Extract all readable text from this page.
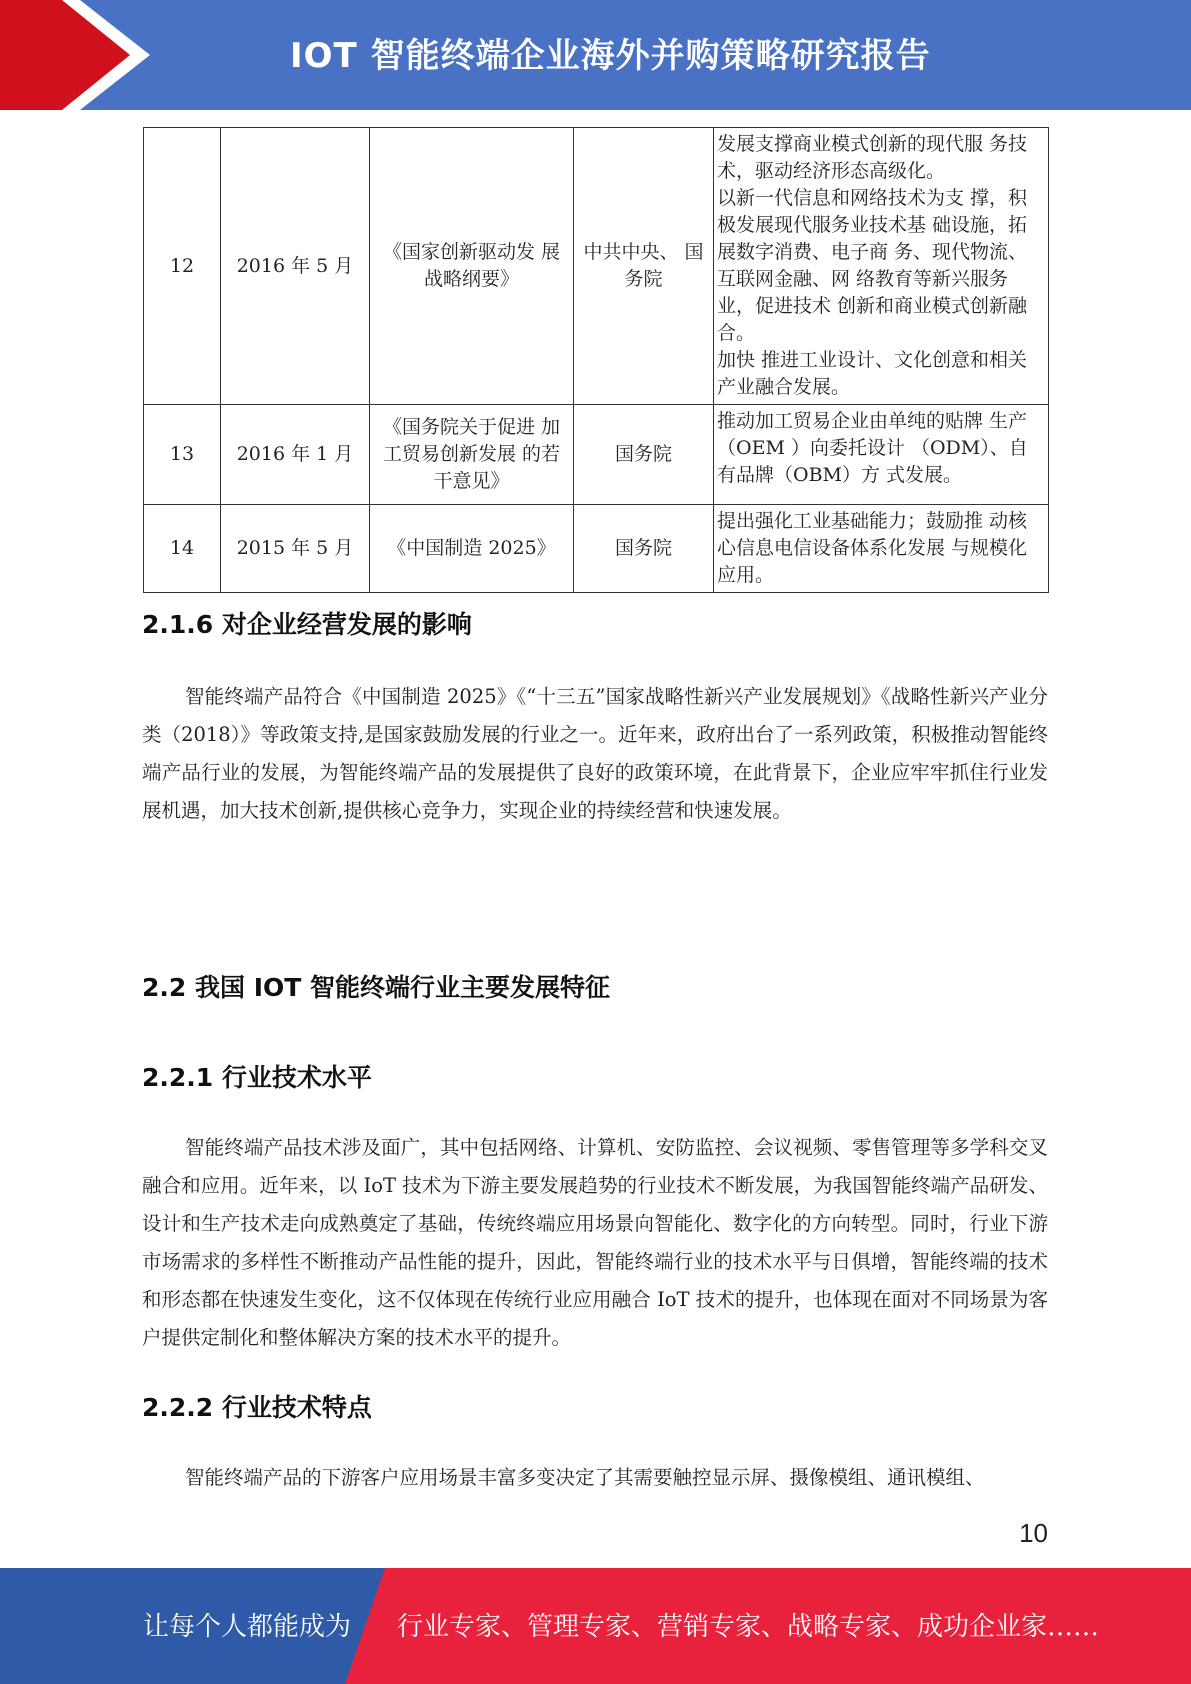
IOT 智能终端企业海外并购策略研究报告
12	2016 年 5 月	《国家创新驱动发 展战略纲要》	中共中央、 国务院	发展支撑商业模式创新的现代服 务技术，驱动经济形态高级化。
以新一代信息和网络技术为支 撑，积极发展现代服务业技术基 础设施，拓展数字消费、电子商 务、现代物流、互联网金融、网 络教育等新兴服务业，促进技术 创新和商业模式创新融合。
加快 推进工业设计、文化创意和相关产业融合发展。

13	2016 年 1 月	《国务院关于促进 加工贸易创新发展 的若干意见》	国务院	推动加工贸易企业由单纯的贴牌 生产（OEM ）向委托设计 （ODM）、自有品牌（OBM）方 式发展。

14	2015 年 5 月	《中国制造 2025》	国务院	提出强化工业基础能力；鼓励推 动核心信息电信设备体系化发展 与规模化应用。
2.1.6 对企业经营发展的影响

智能终端产品符合《中国制造 2025》《“十三五”国家战略性新兴产业发展规划》《战略性新兴产业分类（2018）》等政策支持,是国家鼓励发展的行业之一。近年来，政府出台了一系列政策，积极推动智能终端产品行业的发展，为智能终端产品的发展提供了良好的政策环境，在此背景下，企业应牢牢抓住行业发展机遇，加大技术创新,提供核心竞争力，实现企业的持续经营和快速发展。

2.2 我国 IOT 智能终端行业主要发展特征
2.2.1 行业技术水平

智能终端产品技术涉及面广，其中包括网络、计算机、安防监控、会议视频、零售管理等多学科交叉融合和应用。近年来，以 IoT 技术为下游主要发展趋势的行业技术不断发展，为我国智能终端产品研发、设计和生产技术走向成熟奠定了基础，传统终端应用场景向智能化、数字化的方向转型。同时，行业下游市场需求的多样性不断推动产品性能的提升，因此，智能终端行业的技术水平与日俱增，智能终端的技术和形态都在快速发生变化，这不仅体现在传统行业应用融合 IoT 技术的提升，也体现在面对不同场景为客户提供定制化和整体解决方案的技术水平的提升。

2.2.2 行业技术特点

智能终端产品的下游客户应用场景丰富多变决定了其需要触控显示屏、摄像模组、通讯模组、

10
让每个人都能成为 行业专家、管理专家、营销专家、战略专家、成功企业家……
